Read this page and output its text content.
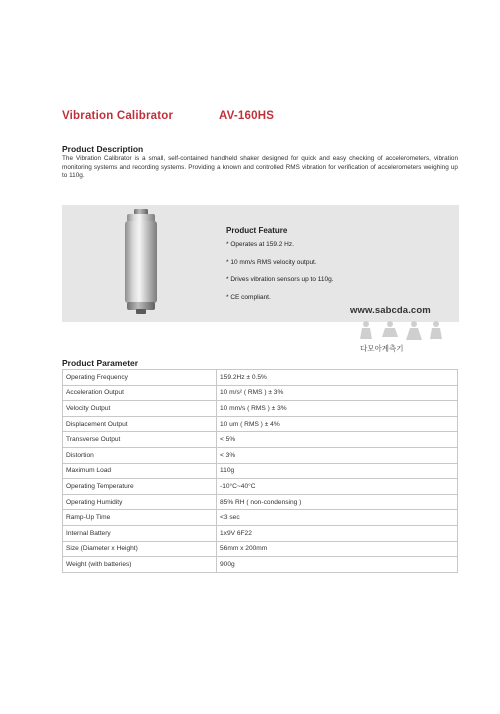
Vibration Calibrator	AV-160HS
Product Description
The Vibration Calibrator is a small, self-contained handheld shaker designed for quick and easy checking of accelerometers, vibration monitoring systems and recording systems. Providing a known and controlled RMS vibration for verification of accelerometers weighing up to 110g.
Product Feature
* Operates at 159.2 Hz.
* 10 mm/s RMS velocity output.
* Drives vibration sensors up to 110g.
* CE compliant.
www.sabcda.com
다모아계측기
Product Parameter
Operating Frequency	159.2Hz ± 0.5%
Acceleration Output	10 m/s² ( RMS ) ± 3%
Velocity Output	10 mm/s ( RMS ) ± 3%
Displacement Output	10 um ( RMS ) ± 4%
Transverse Output	< 5%
Distortion	< 3%
Maximum Load	110g
Operating Temperature	-10°C~40°C
Operating Humidity	85% RH ( non-condensing )
Ramp-Up Time	<3 sec
Internal Battery	1x9V 6F22
Size (Diameter x Height)	56mm x 200mm
Weight (with batteries)	900g
